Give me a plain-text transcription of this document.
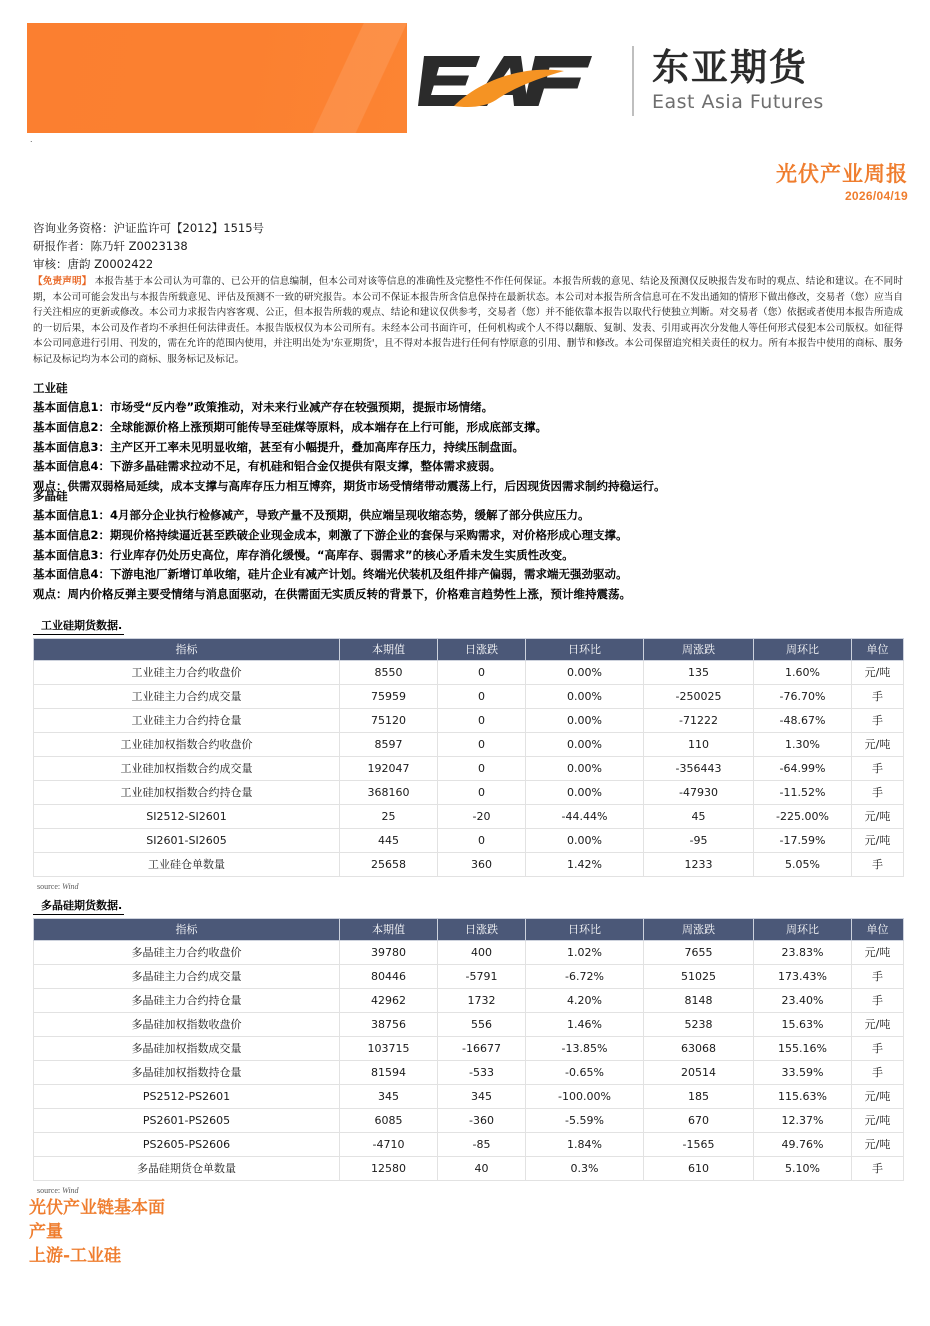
东亚期货
East Asia Futures
.
光伏产业周报
2026/04/19
咨询业务资格：沪证监许可【2012】1515号
研报作者：陈乃轩 Z0023138
审核：唐韵 Z0002422
【免责声明】 本报告基于本公司认为可靠的、已公开的信息编制，但本公司对该等信息的准确性及完整性不作任何保证。本报告所载的意见、结论及预测仅反映报告发布时的观点、结论和建议。在不同时期，本公司可能会发出与本报告所载意见、评估及预测不一致的研究报告。本公司不保证本报告所含信息保持在最新状态。本公司对本报告所含信息可在不发出通知的情形下做出修改，交易者（您）应当自行关注相应的更新或修改。本公司力求报告内容客观、公正，但本报告所载的观点、结论和建议仅供参考，交易者（您）并不能依靠本报告以取代行使独立判断。对交易者（您）依据或者使用本报告所造成的一切后果，本公司及作者均不承担任何法律责任。本报告版权仅为本公司所有。未经本公司书面许可，任何机构或个人不得以翻版、复制、发表、引用或再次分发他人等任何形式侵犯本公司版权。如征得本公司同意进行引用、刊发的，需在允许的范围内使用，并注明出处为'东亚期货'，且不得对本报告进行任何有悖原意的引用、删节和修改。本公司保留追究相关责任的权力。所有本报告中使用的商标、服务标记及标记均为本公司的商标、服务标记及标记。
工业硅
基本面信息1：市场受“反内卷”政策推动，对未来行业减产存在较强预期，提振市场情绪。
基本面信息2：全球能源价格上涨预期可能传导至硅煤等原料，成本端存在上行可能，形成底部支撑。
基本面信息3：主产区开工率未见明显收缩，甚至有小幅提升，叠加高库存压力，持续压制盘面。
基本面信息4：下游多晶硅需求拉动不足，有机硅和铝合金仅提供有限支撑，整体需求疲弱。
观点：供需双弱格局延续，成本支撑与高库存压力相互博弈，期货市场受情绪带动震荡上行，后因现货因需求制约持稳运行。
多晶硅
基本面信息1：4月部分企业执行检修减产，导致产量不及预期，供应端呈现收缩态势，缓解了部分供应压力。
基本面信息2：期现价格持续逼近甚至跌破企业现金成本，刺激了下游企业的套保与采购需求，对价格形成心理支撑。
基本面信息3：行业库存仍处历史高位，库存消化缓慢。“高库存、弱需求”的核心矛盾未发生实质性改变。
基本面信息4：下游电池厂新增订单收缩，硅片企业有减产计划。终端光伏装机及组件排产偏弱，需求端无强劲驱动。
观点：周内价格反弹主要受情绪与消息面驱动，在供需面无实质反转的背景下，价格难言趋势性上涨，预计维持震荡。
工业硅期货数据.
指标	本期值	日涨跌	日环比	周涨跌	周环比	单位
工业硅主力合约收盘价	8550	0	0.00%	135	1.60%	元/吨
工业硅主力合约成交量	75959	0	0.00%	-250025	-76.70%	手
工业硅主力合约持仓量	75120	0	0.00%	-71222	-48.67%	手
工业硅加权指数合约收盘价	8597	0	0.00%	110	1.30%	元/吨
工业硅加权指数合约成交量	192047	0	0.00%	-356443	-64.99%	手
工业硅加权指数合约持仓量	368160	0	0.00%	-47930	-11.52%	手
SI2512-SI2601	25	-20	-44.44%	45	-225.00%	元/吨
SI2601-SI2605	445	0	0.00%	-95	-17.59%	元/吨
工业硅仓单数量	25658	360	1.42%	1233	5.05%	手
source: Wind
多晶硅期货数据.
指标	本期值	日涨跌	日环比	周涨跌	周环比	单位
多晶硅主力合约收盘价	39780	400	1.02%	7655	23.83%	元/吨
多晶硅主力合约成交量	80446	-5791	-6.72%	51025	173.43%	手
多晶硅主力合约持仓量	42962	1732	4.20%	8148	23.40%	手
多晶硅加权指数收盘价	38756	556	1.46%	5238	15.63%	元/吨
多晶硅加权指数成交量	103715	-16677	-13.85%	63068	155.16%	手
多晶硅加权指数持仓量	81594	-533	-0.65%	20514	33.59%	手
PS2512-PS2601	345	345	-100.00%	185	115.63%	元/吨
PS2601-PS2605	6085	-360	-5.59%	670	12.37%	元/吨
PS2605-PS2606	-4710	-85	1.84%	-1565	49.76%	元/吨
多晶硅期货仓单数量	12580	40	0.3%	610	5.10%	手
source: Wind
光伏产业链基本面
产量
上游-工业硅
